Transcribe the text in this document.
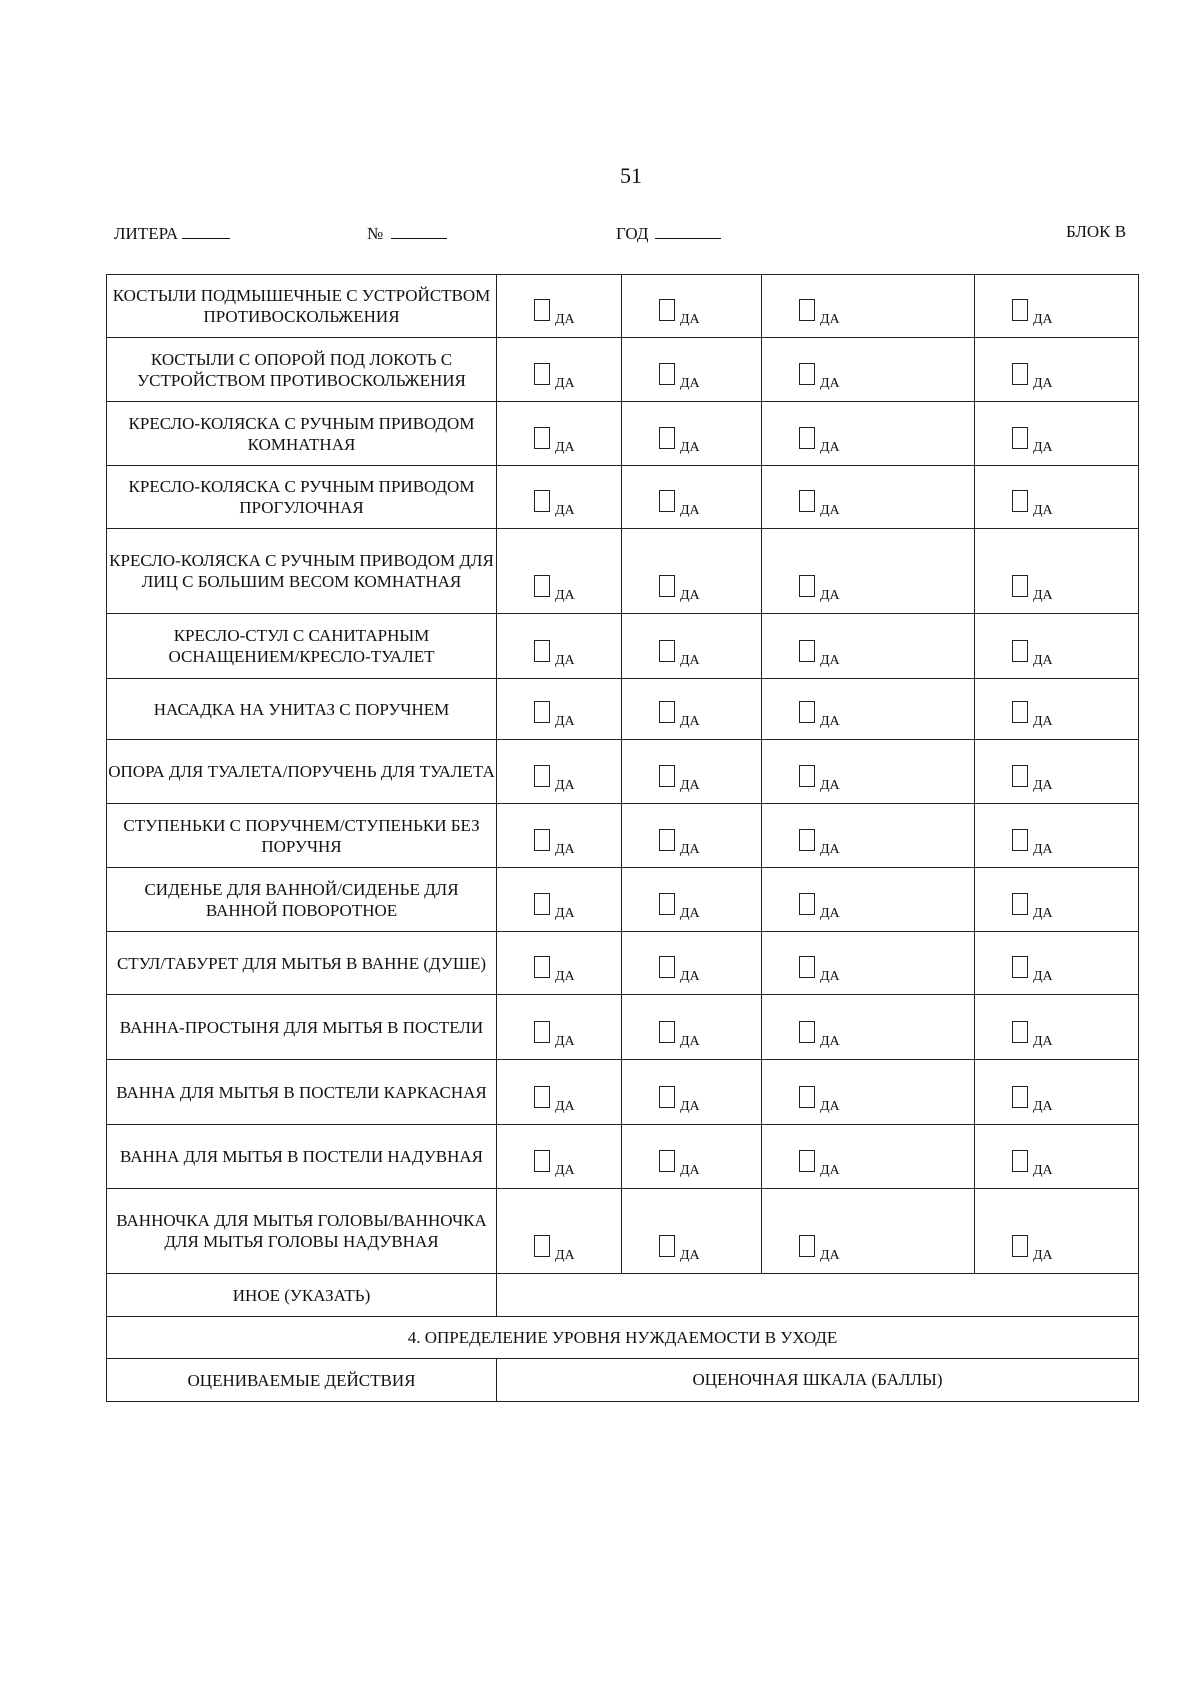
51
ЛИТЕРА	№	ГОД	БЛОК В
КОСТЫЛИ ПОДМЫШЕЧНЫЕ С УСТРОЙСТВОМ ПРОТИВОСКОЛЬЖЕНИЯ	ДА	ДА	ДА	ДА

КОСТЫЛИ С ОПОРОЙ ПОД ЛОКОТЬ С УСТРОЙСТВОМ ПРОТИВОСКОЛЬЖЕНИЯ	ДА	ДА	ДА	ДА

КРЕСЛО-КОЛЯСКА С РУЧНЫМ ПРИВОДОМ КОМНАТНАЯ	ДА	ДА	ДА	ДА

КРЕСЛО-КОЛЯСКА С РУЧНЫМ ПРИВОДОМ ПРОГУЛОЧНАЯ	ДА	ДА	ДА	ДА

КРЕСЛО-КОЛЯСКА С РУЧНЫМ ПРИВОДОМ ДЛЯ ЛИЦ С БОЛЬШИМ ВЕСОМ КОМНАТНАЯ	ДА	ДА	ДА	ДА

КРЕСЛО-СТУЛ С САНИТАРНЫМ ОСНАЩЕНИЕМ/КРЕСЛО-ТУАЛЕТ	ДА	ДА	ДА	ДА

НАСАДКА НА УНИТАЗ С ПОРУЧНЕМ	ДА	ДА	ДА	ДА

ОПОРА ДЛЯ ТУАЛЕТА/ПОРУЧЕНЬ ДЛЯ ТУАЛЕТА	ДА	ДА	ДА	ДА

СТУПЕНЬКИ С ПОРУЧНЕМ/СТУПЕНЬКИ БЕЗ ПОРУЧНЯ	ДА	ДА	ДА	ДА

СИДЕНЬЕ ДЛЯ ВАННОЙ/СИДЕНЬЕ ДЛЯ ВАННОЙ ПОВОРОТНОЕ	ДА	ДА	ДА	ДА

СТУЛ/ТАБУРЕТ ДЛЯ МЫТЬЯ В ВАННЕ (ДУШЕ)	ДА	ДА	ДА	ДА

ВАННА-ПРОСТЫНЯ ДЛЯ МЫТЬЯ В ПОСТЕЛИ	ДА	ДА	ДА	ДА

ВАННА ДЛЯ МЫТЬЯ В ПОСТЕЛИ КАРКАСНАЯ	ДА	ДА	ДА	ДА

ВАННА ДЛЯ МЫТЬЯ В ПОСТЕЛИ НАДУВНАЯ	ДА	ДА	ДА	ДА

ВАННОЧКА ДЛЯ МЫТЬЯ ГОЛОВЫ/ВАННОЧКА ДЛЯ МЫТЬЯ ГОЛОВЫ НАДУВНАЯ	ДА	ДА	ДА	ДА

ИНОЕ (УКАЗАТЬ)				
4. ОПРЕДЕЛЕНИЕ УРОВНЯ НУЖДАЕМОСТИ В УХОДЕ				
ОЦЕНИВАЕМЫЕ ДЕЙСТВИЯ	ОЦЕНОЧНАЯ ШКАЛА (БАЛЛЫ)			
